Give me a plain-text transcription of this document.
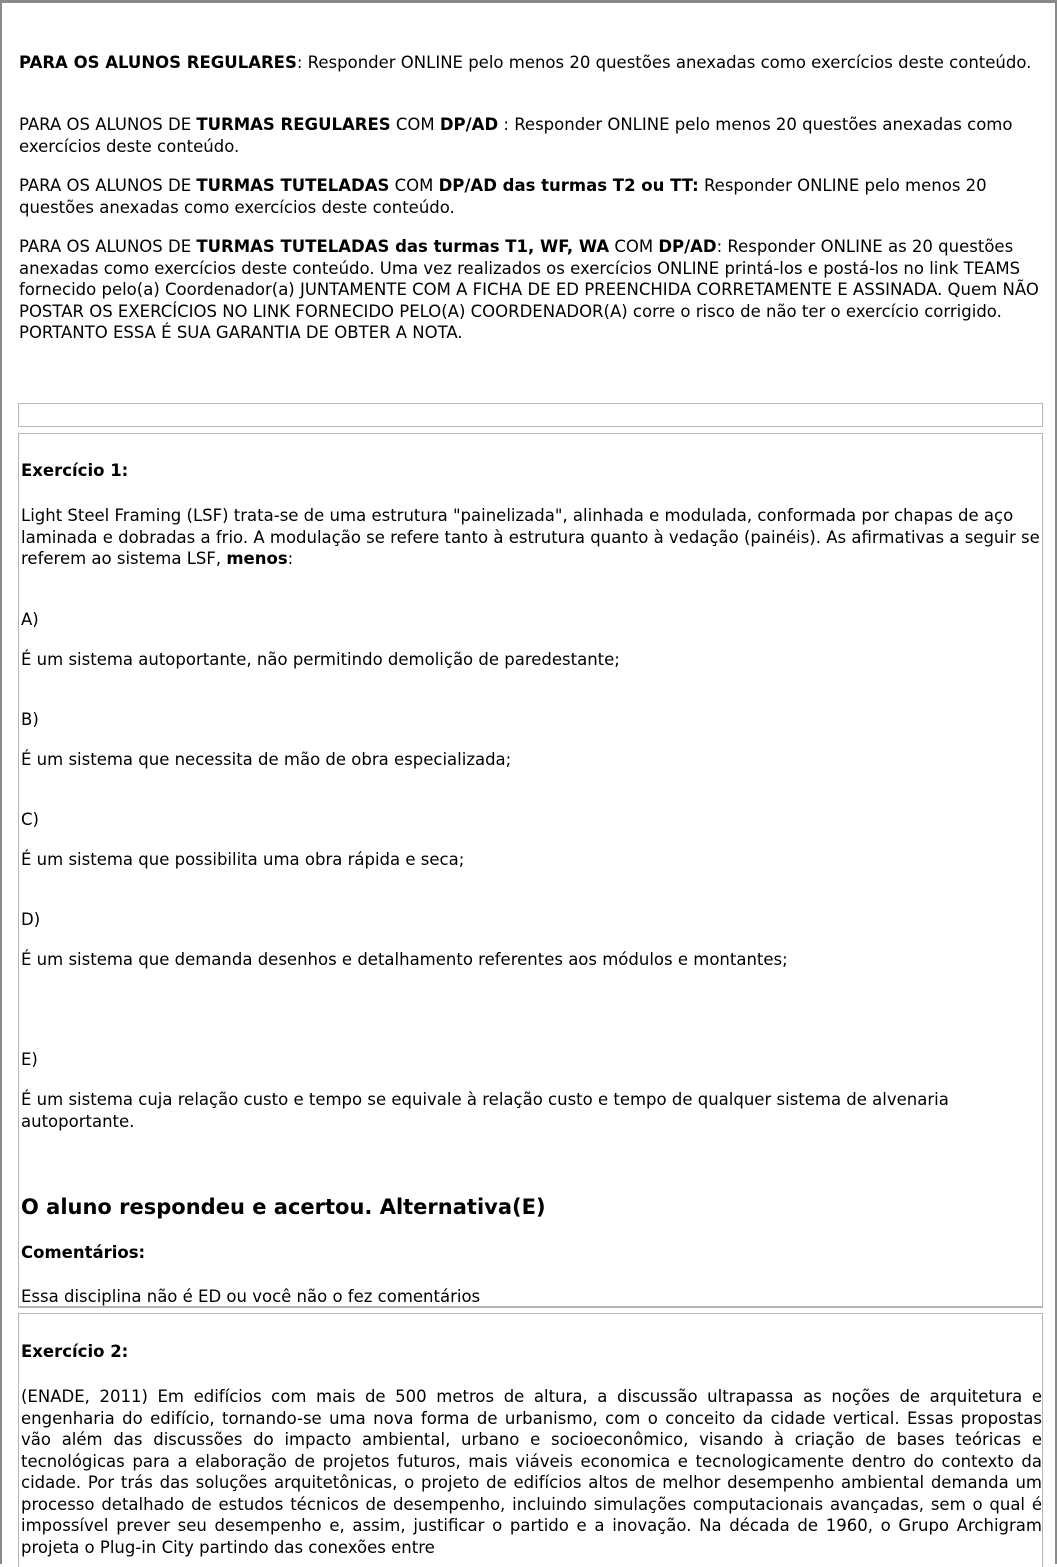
PARA OS ALUNOS REGULARES: Responder ONLINE pelo menos 20 questões anexadas como exercícios deste conteúdo.

PARA OS ALUNOS DE TURMAS REGULARES COM DP/AD : Responder ONLINE pelo menos 20 questões anexadas como exercícios deste conteúdo.

PARA OS ALUNOS DE TURMAS TUTELADAS COM DP/AD das turmas T2 ou TT: Responder ONLINE pelo menos 20 questões anexadas como exercícios deste conteúdo.

PARA OS ALUNOS DE TURMAS TUTELADAS das turmas T1, WF, WA COM DP/AD: Responder ONLINE as 20 questões anexadas como exercícios deste conteúdo. Uma vez realizados os exercícios ONLINE printá-los e postá-los no link TEAMS fornecido pelo(a) Coordenador(a) JUNTAMENTE COM A FICHA DE ED PREENCHIDA CORRETAMENTE E ASSINADA. Quem NÃO POSTAR OS EXERCÍCIOS NO LINK FORNECIDO PELO(A) COORDENADOR(A) corre o risco de não ter o exercício corrigido. PORTANTO ESSA É SUA GARANTIA DE OBTER A NOTA.

Exercício 1:

Light Steel Framing (LSF) trata-se de uma estrutura "painelizada", alinhada e modulada, conformada por chapas de aço laminada e dobradas a frio. A modulação se refere tanto à estrutura quanto à vedação (painéis). As afirmativas a seguir se referem ao sistema LSF, menos:

A)

É um sistema autoportante, não permitindo demolição de paredestante;

B)

É um sistema que necessita de mão de obra especializada;

C)

É um sistema que possibilita uma obra rápida e seca;

D)

É um sistema que demanda desenhos e detalhamento referentes aos módulos e montantes;

E)

É um sistema cuja relação custo e tempo se equivale à relação custo e tempo de qualquer sistema de alvenaria autoportante.

O aluno respondeu e acertou. Alternativa(E)

Comentários:

Essa disciplina não é ED ou você não o fez comentários

Exercício 2:

(ENADE, 2011) Em edifícios com mais de 500 metros de altura, a discussão ultrapassa as noções de arquitetura e engenharia do edifício, tornando-se uma nova forma de urbanismo, com o conceito da cidade vertical. Essas propostas vão além das discussões do impacto ambiental, urbano e socioeconômico, visando à criação de bases teóricas e tecnológicas para a elaboração de projetos futuros, mais viáveis economica e tecnologicamente dentro do contexto da cidade. Por trás das soluções arquitetônicas, o projeto de edifícios altos de melhor desempenho ambiental demanda um processo detalhado de estudos técnicos de desempenho, incluindo simulações computacionais avançadas, sem o qual é impossível prever seu desempenho e, assim, justificar o partido e a inovação. Na década de 1960, o Grupo Archigram projeta o Plug-in City partindo das conexões entre
